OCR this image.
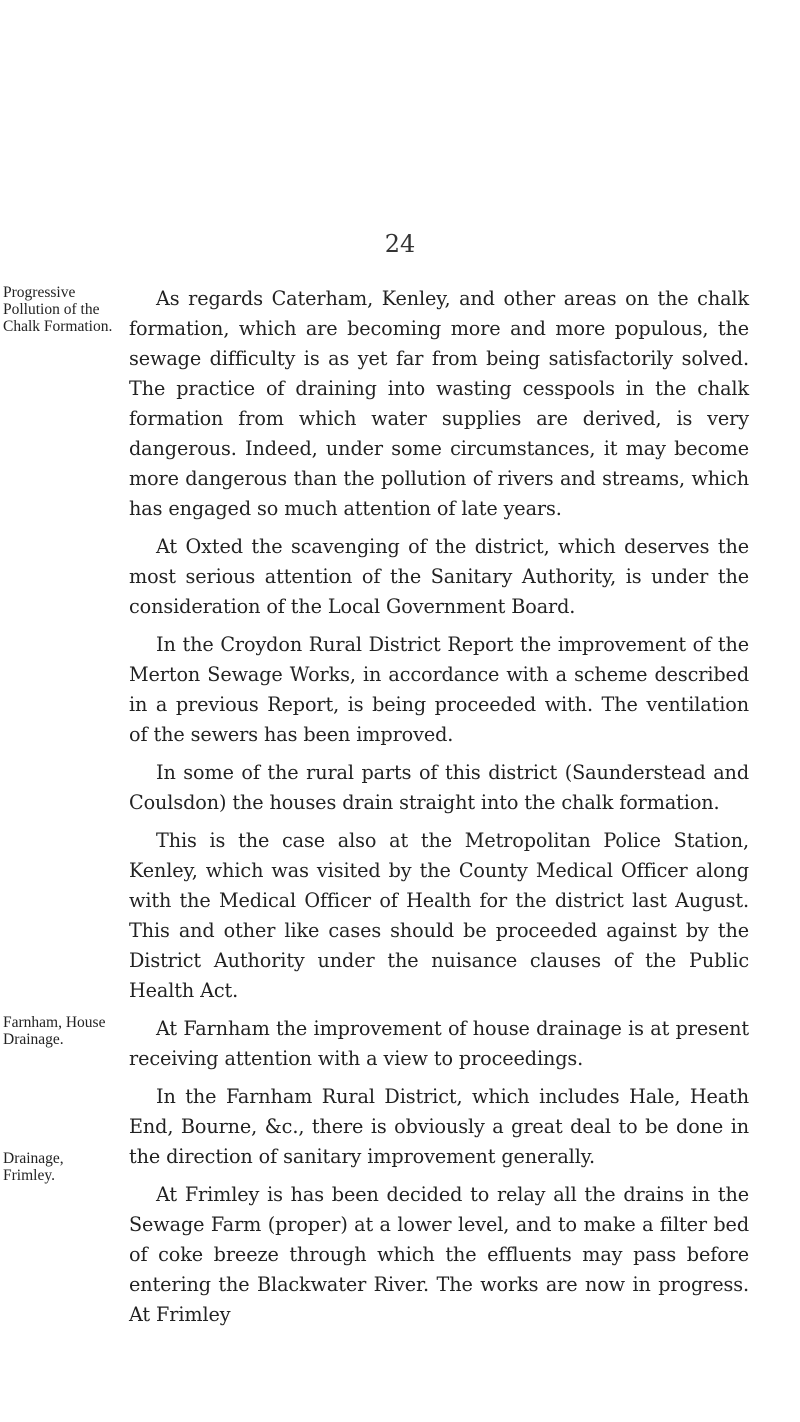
24
Progressive Pollution of the Chalk Formation.
Farnham, House Drainage.
Drainage, Frimley.

As regards Caterham, Kenley, and other areas on the chalk formation, which are becoming more and more populous, the sewage difficulty is as yet far from being satisfactorily solved. The practice of draining into wasting cesspools in the chalk formation from which water supplies are derived, is very dangerous. Indeed, under some circumstances, it may become more dangerous than the pollution of rivers and streams, which has engaged so much attention of late years.

At Oxted the scavenging of the district, which deserves the most serious attention of the Sanitary Authority, is under the consideration of the Local Government Board.

In the Croydon Rural District Report the improvement of the Merton Sewage Works, in accordance with a scheme described in a previous Report, is being proceeded with. The ventilation of the sewers has been improved.

In some of the rural parts of this district (Saunderstead and Coulsdon) the houses drain straight into the chalk formation.

This is the case also at the Metropolitan Police Station, Kenley, which was visited by the County Medical Officer along with the Medical Officer of Health for the district last August. This and other like cases should be proceeded against by the District Authority under the nuisance clauses of the Public Health Act.

At Farnham the improvement of house drainage is at present receiving attention with a view to proceedings.

In the Farnham Rural District, which includes Hale, Heath End, Bourne, &c., there is obviously a great deal to be done in the direction of sanitary improvement generally.

At Frimley is has been decided to relay all the drains in the Sewage Farm (proper) at a lower level, and to make a filter bed of coke breeze through which the effluents may pass before entering the Blackwater River. The works are now in progress. At Frimley
